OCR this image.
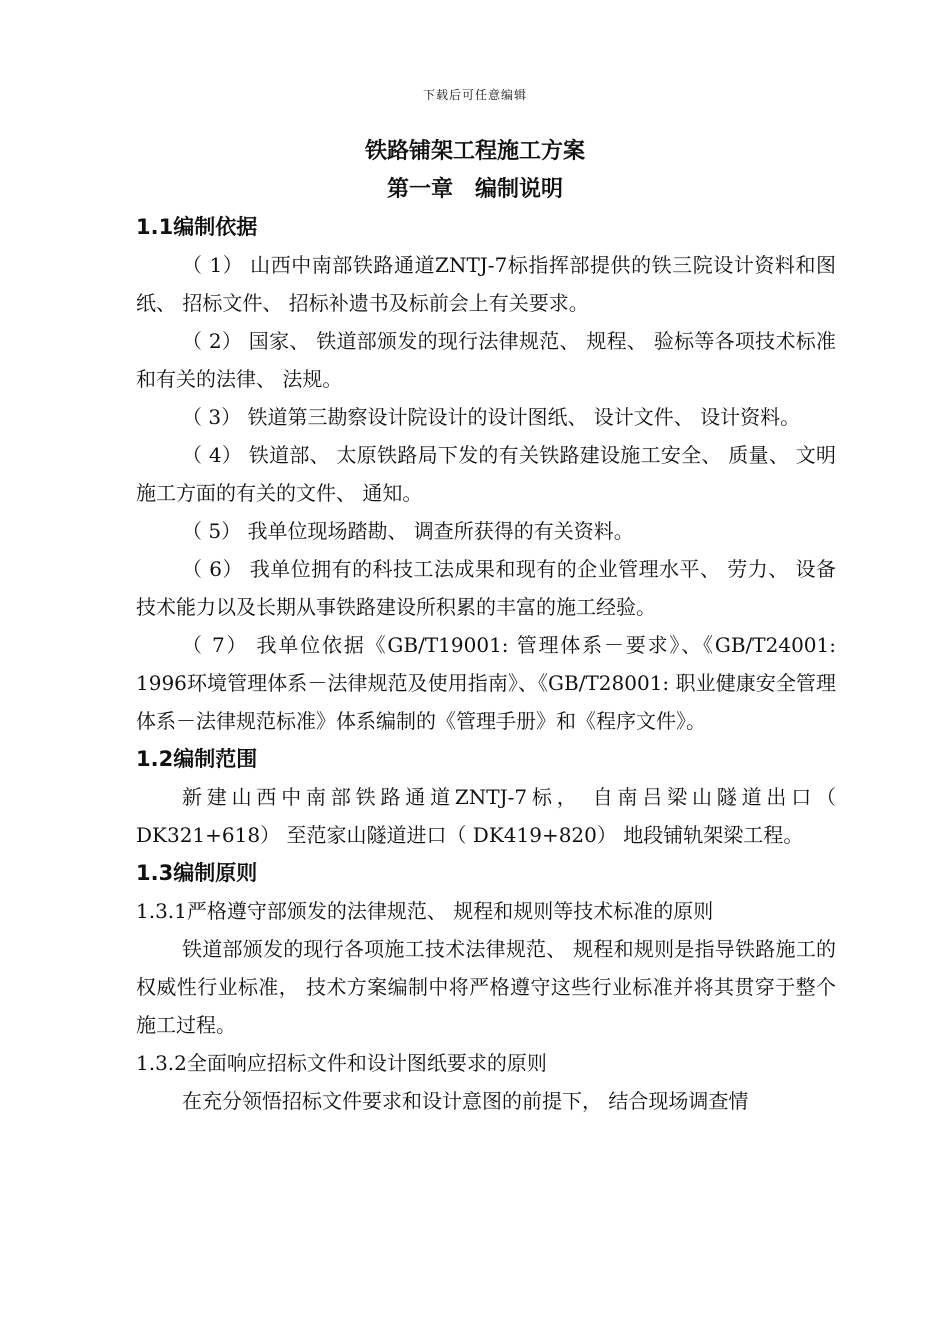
下载后可任意编辑
铁路铺架工程施工方案
第一章　编制说明

1.1编制依据

（ 1） 山西中南部铁路通道ZNTJ-7标指挥部提供的铁三院设计资料和图纸、 招标文件、 招标补遗书及标前会上有关要求。

（ 2） 国家、 铁道部颁发的现行法律规范、 规程、 验标等各项技术标准和有关的法律、 法规。

（ 3） 铁道第三勘察设计院设计的设计图纸、 设计文件、 设计资料。

（ 4） 铁道部、 太原铁路局下发的有关铁路建设施工安全、 质量、 文明施工方面的有关的文件、 通知。

（ 5） 我单位现场踏勘、 调查所获得的有关资料。

（ 6） 我单位拥有的科技工法成果和现有的企业管理水平、 劳力、 设备技术能力以及长期从事铁路建设所积累的丰富的施工经验。

（ 7） 我单位依据《GB/T19001: 管理体系－要求》、《GB/T24001: 1996环境管理体系－法律规范及使用指南》、《GB/T28001: 职业健康安全管理体系－法律规范标准》体系编制的《管理手册》和《程序文件》。

1.2编制范围

新建山西中南部铁路通道ZNTJ-7标， 自南吕梁山隧道出口（ DK321+618） 至范家山隧道进口（ DK419+820） 地段铺轨架梁工程。

1.3编制原则

1.3.1严格遵守部颁发的法律规范、 规程和规则等技术标准的原则

铁道部颁发的现行各项施工技术法律规范、 规程和规则是指导铁路施工的权威性行业标准， 技术方案编制中将严格遵守这些行业标准并将其贯穿于整个施工过程。

1.3.2全面响应招标文件和设计图纸要求的原则

在充分领悟招标文件要求和设计意图的前提下， 结合现场调查情
